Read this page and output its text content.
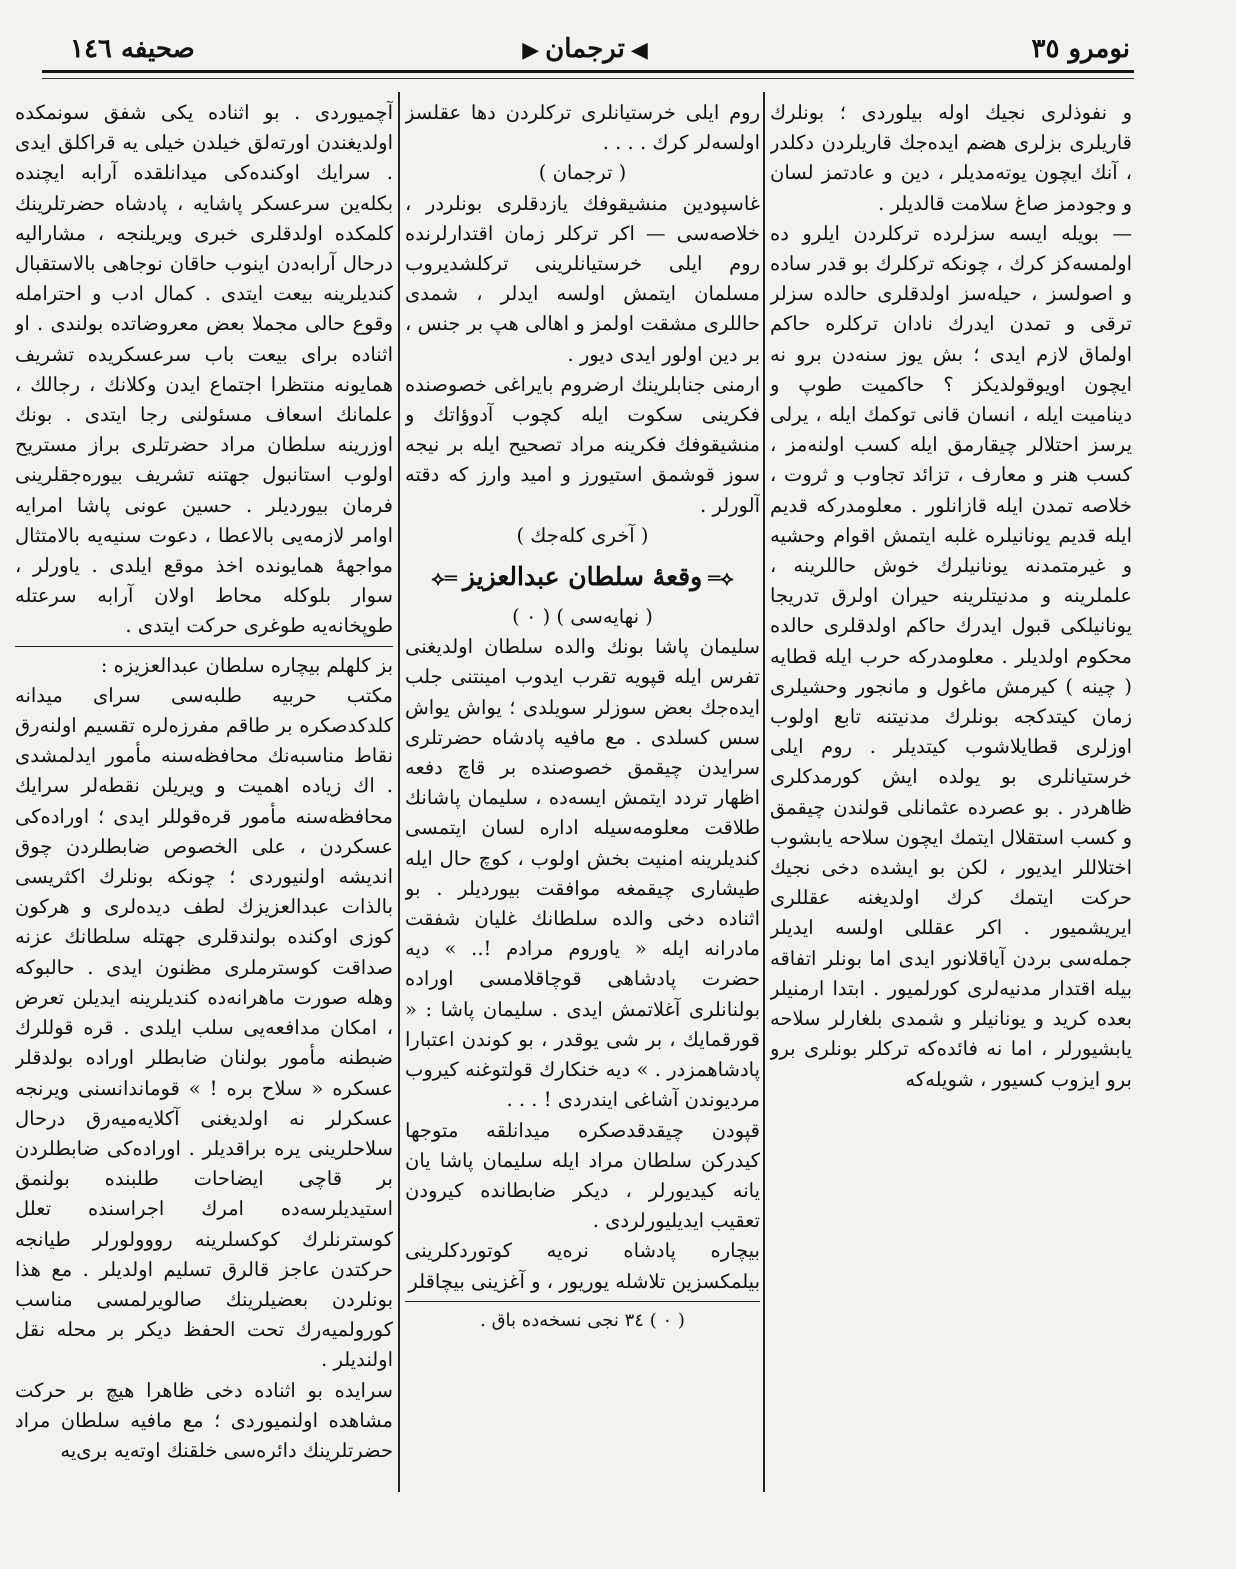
نومرو ٣٥
◀ترجمان▶
صحيفه ١٤٦

و نفوذلرى نجيك اوله بيلوردى ؛ بونلرك قاريلرى بزلرى هضم ايده‌جك قاريلردن دكلدر ، آنك ايچون يوته‌مديلر ، دين و عادتمز لسان و وجودمز صاغ سلامت قالديلر .

— بويله ايسه سزلرده تركلردن ايلرو ده اولمسه‌كز كرك ، چونكه تركلرك بو قدر ساده و اصولسز ، حيله‌سز اولدقلرى حالده سزلر ترقى و تمدن ايدرك نادان تركلره حاكم اولماق لازم ايدى ؛ بش يوز سنه‌دن برو نه ايچون اويوقولديكز ؟ حاكميت طوپ و ديناميت ايله ، انسان قانى توكمك ايله ، يرلى يرسز احتلالر چيقارمق ايله كسب اولنه‌مز ، كسب هنر و معارف ، تزائد تجاوب و ثروت ، خلاصه تمدن ايله قازانلور . معلومدركه قديم ايله قديم يونانيلره غلبه ايتمش اقوام وحشيه و غيرمتمدنه يونانيلرك خوش حاللرينه ، علملرينه و مدنيتلرينه حيران اولرق تدريجا يونانيلكى قبول ايدرك حاكم اولدقلرى حالده محكوم اولديلر . معلومدركه حرب ايله قطايه ( چينه ) كيرمش ماغول و مانجور وحشيلرى زمان كيتدكجه بونلرك مدنيتنه تابع اولوب اوزلرى قطايلاشوب كيتديلر . روم ايلى خرستيانلرى بو يولده ايش كورمدكلرى ظاهردر . بو عصرده عثمانلى قولندن چيقمق و كسب استقلال ايتمك ايچون سلاحه يابشوب اختلاللر ايديور ، لكن بو ايشده دخى نجيك حركت ايتمك كرك اولديغنه عقللرى ايريشميور . اكر عقللى اولسه ايديلر جمله‌سى بردن آياقلانور ايدى اما بونلر اتفاقه بيله اقتدار مدنيه‌لرى كورلميور . ابتدا ارمنيلر بعده كريد و يونانيلر و شمدى بلغارلر سلاحه يابشيورلر ، اما نه فائده‌كه تركلر بونلرى برو برو ايزوب كسيور ، شويله‌كه

روم ايلى خرستيانلرى تركلردن دها عقلسز اولسه‌لر كرك . . . .

( ترجمان )

غاسپودين منشيقوفك يازدقلرى بونلردر ، خلاصه‌سى — اكر تركلر زمان اقتدارلرنده روم ايلى خرستيانلرينى تركلشديروب مسلمان ايتمش اولسه ايدلر ، شمدى حاللرى مشقت اولمز و اهالى هپ بر جنس ، بر دين اولور ايدى ديور .

ارمنى جنابلرينك ارضروم بايراغى خصوصنده فكرينى سكوت ايله كچوب آدوؤاتك و منشيقوفك فكرينه مراد تصحيح ايله بر نيجه سوز قوشمق استيورز و اميد وارز كه دقته آلورلر .

( آخرى كله‌جك )

⟡═وقعهٔ سلطان عبدالعزيز═⟡

( نهايه‌سى ) ( ٠ )

سليمان پاشا بونك والده سلطان اولديغنى تفرس ايله قپويه تقرب ايدوب امينتنى جلب ايده‌جك بعض سوزلر سويلدى ؛ يواش يواش سس كسلدى . مع مافيه پادشاه حضرتلرى سرايدن چيقمق خصوصنده بر قاچ دفعه اظهار تردد ايتمش ايسه‌ده ، سليمان پاشانك طلاقت معلومه‌سيله اداره لسان ايتمسى كنديلرينه امنيت بخش اولوب ، كوچ حال ايله طيشارى چيقمغه موافقت بيورديلر . بو اثناده دخى والده سلطانك غليان شفقت مادرانه ايله « ياوروم مرادم !.. » ديه حضرت پادشاهى قوچاقلامسى اوراده بولنانلرى آغلاتمش ايدى . سليمان پاشا : « قورقمايك ، بر شى يوقدر ، بو كوندن اعتبارا پادشاهمزدر . » ديه خنكارك قولتوغنه كيروب مرديوندن آشاغى ايندردى ! . . .

قپودن چيقدقدصكره ميدانلقه متوجها كيدركن سلطان مراد ايله سليمان پاشا يان يانه كيديورلر ، ديكر ضابطانده كيرودن تعقيب ايديليورلردى .

بيچاره پادشاه نره‌يه كوتوردكلرينى بيلمكسزين تلاشله يوريور ، و آغزينى بيچاقلر

( ٠ ) ٣٤ نجى نسخه‌ده باق .

آچميوردى . بو اثناده يكى شفق سونمكده اولديغندن اورته‌لق خيلدن خيلى يه قراكلق ايدى . سرايك اوكنده‌كى ميدانلقده آرابه ايچنده بكله‌ين سرعسكر پاشايه ، پادشاه حضرتلرينك كلمكده اولدقلرى خبرى ويريلنجه ، مشاراليه درحال آرابه‌دن اينوب حاقان نوجاهى بالاستقبال كنديلرينه بيعت ايتدى . كمال ادب و احترامله وقوع حالى مجملا بعض معروضاتده بولندى . او اثناده براى بيعت باب سرعسكريده تشريف همايونه منتظرا اجتماع ايدن وكلانك ، رجالك ، علمانك اسعاف مسئولنى رجا ايتدى . بونك اوزرينه سلطان مراد حضرتلرى براز مستريح اولوب استانبول جهتنه تشريف بيوره‌جقلرينى فرمان بيورديلر . حسين عونى پاشا امرايه اوامر لازمه‌يى بالاعطا ، دعوت سنيه‌يه بالامتثال مواجههٔ همايونده اخذ موقع ايلدى . ياورلر ، سوار بلوكله محاط اولان آرابه سرعتله طوپخانه‌يه طوغرى حركت ايتدى .

بز كلهلم بيچاره سلطان عبدالعزيزه :

مكتب حربيه طلبه‌سى سراى ميدانه كلدكدصكره بر طاقم مفرزه‌لره تقسيم اولنه‌رق نقاط مناسبه‌نك محافظه‌سنه مأمور ايدلمشدى . اك زياده اهميت و ويريلن نقطه‌لر سرايك محافظه‌سنه مأمور قره‌قوللر ايدى ؛ اوراده‌كى عسكردن ، على الخصوص ضابطلردن چوق انديشه اولنيوردى ؛ چونكه بونلرك اكثريسى بالذات عبدالعزيزك لطف ديده‌لرى و هركون كوزى اوكنده بولندقلرى جهتله سلطانك عزنه صداقت كوسترملرى مظنون ايدى . حالبوكه وهله صورت ماهرانه‌ده كنديلرينه ايديلن تعرض ، امكان مدافعه‌يى سلب ايلدى . قره قوللرك ضبطنه مأمور بولنان ضابطلر اوراده بولدقلر عسكره « سلاح بره ! » قوماندانسنى ويرنجه عسكرلر نه اولديغنى آكلايه‌ميه‌رق درحال سلاحلرينى يره براقديلر . اوراده‌كى ضابطلردن بر قاچى ايضاحات طلبنده بولنمق استيديلرسه‌ده امرك اجراسنده تعلل كوسترنلرك كوكسلرينه رووولورلر طيانجه حركتدن عاجز قالرق تسليم اولديلر . مع هذا بونلردن بعضيلرينك صالويرلمسى مناسب كورولميه‌رك تحت الحفظ ديكر بر محله نقل اولنديلر .

سرايده بو اثناده دخى ظاهرا هيچ بر حركت مشاهده اولنميوردى ؛ مع مافيه سلطان مراد حضرتلرينك دائره‌سى خلقنك اوته‌يه برى‌يه
